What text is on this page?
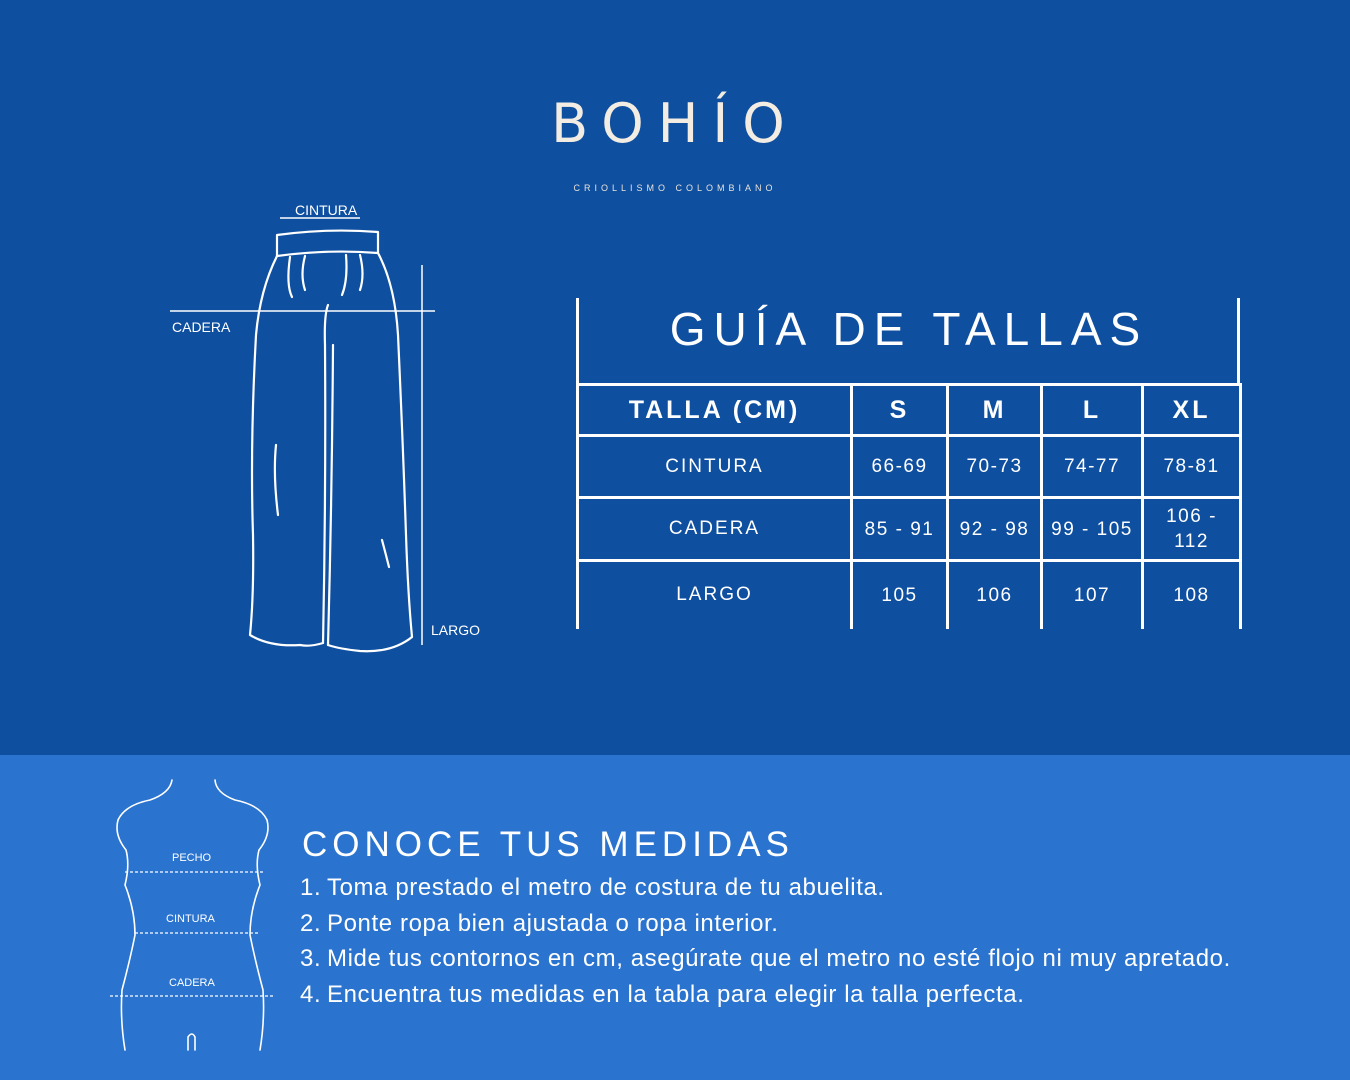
BOHÍO
CRIOLLISMO COLOMBIANO
CINTURA
CADERA
LARGO
GUÍA DE TALLAS
TALLA (CM)	S	M	L	XL
CINTURA	66-69	70-73	74-77	78-81
CADERA	85 - 91	92 - 98	99 - 105	106 - 112
LARGO	105	106	107	108
PECHO
CINTURA
CADERA
CONOCE TUS MEDIDAS
1. Toma prestado el metro de costura de tu abuelita.
2. Ponte ropa bien ajustada o ropa interior.
3. Mide tus contornos en cm, asegúrate que el metro no esté flojo ni muy apretado.
4. Encuentra tus medidas en la tabla para elegir la talla perfecta.
